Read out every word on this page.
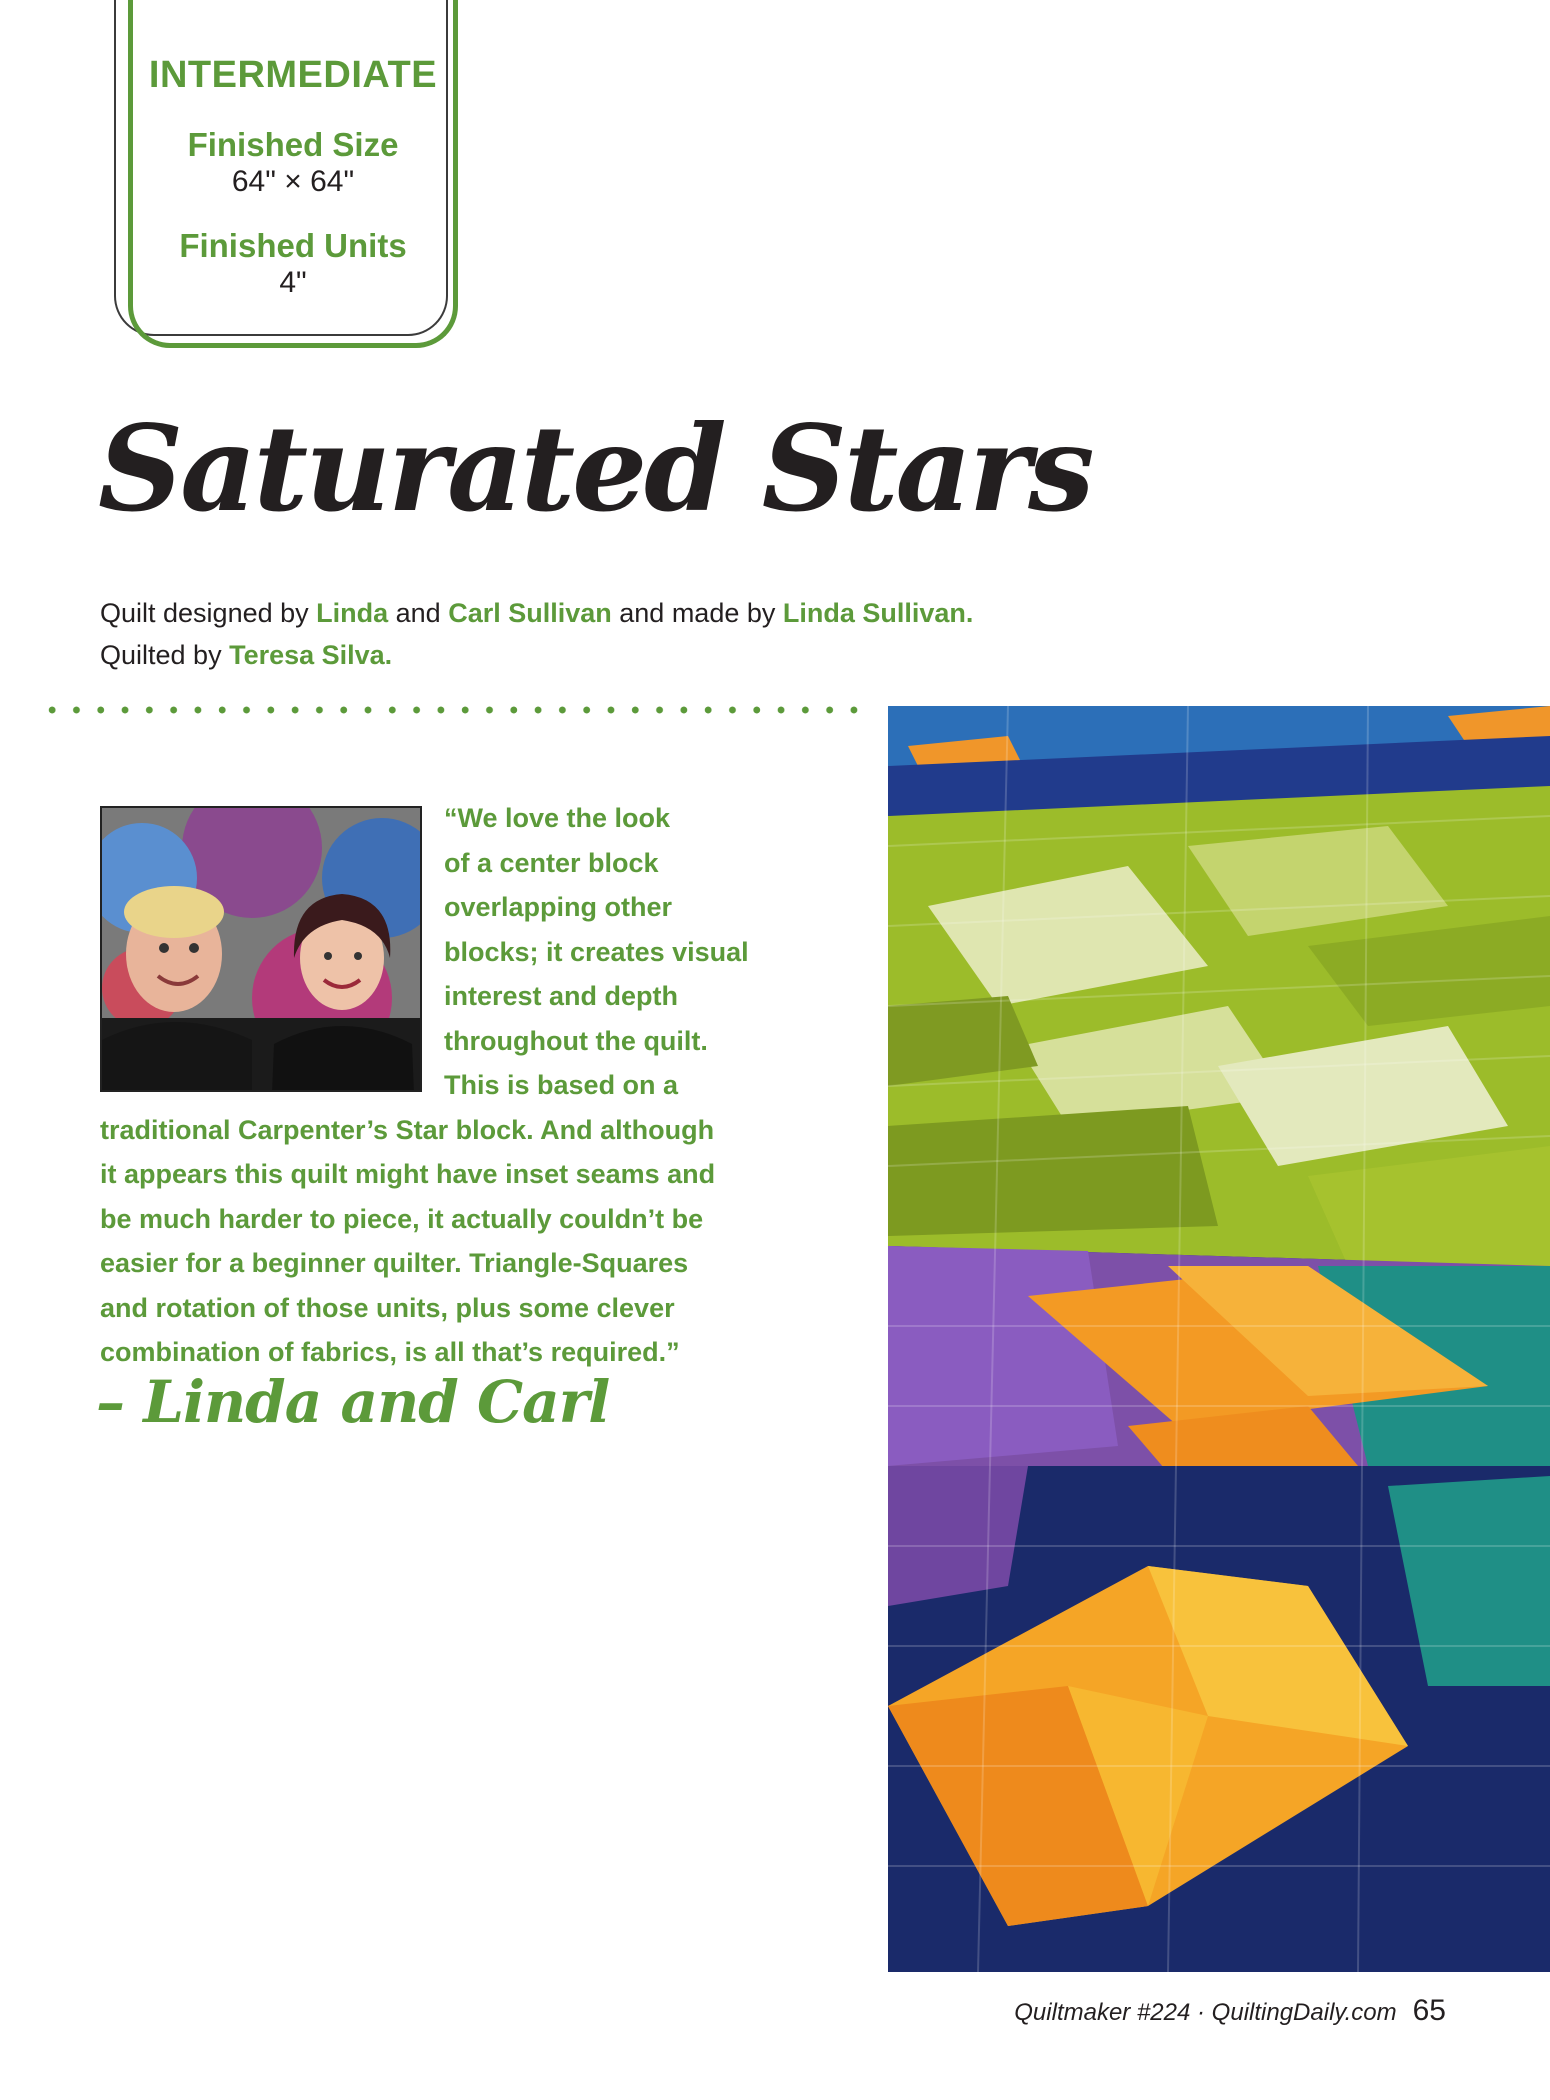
INTERMEDIATE
Finished Size
64" × 64"
Finished Units
4"
Saturated Stars
Quilt designed by Linda and Carl Sullivan and made by Linda Sullivan.
Quilted by Teresa Silva.
“We love the look
of a center block
overlapping other
blocks; it creates visual
interest and depth
throughout the quilt.
This is based on a
traditional Carpenter’s Star block. And although
it appears this quilt might have inset seams and
be much harder to piece, it actually couldn’t be
easier for a beginner quilter. Triangle-Squares
and rotation of those units, plus some clever
combination of fabrics, is all that’s required.”
– Linda and Carl
Quiltmaker #224 · QuiltingDaily.com 65
